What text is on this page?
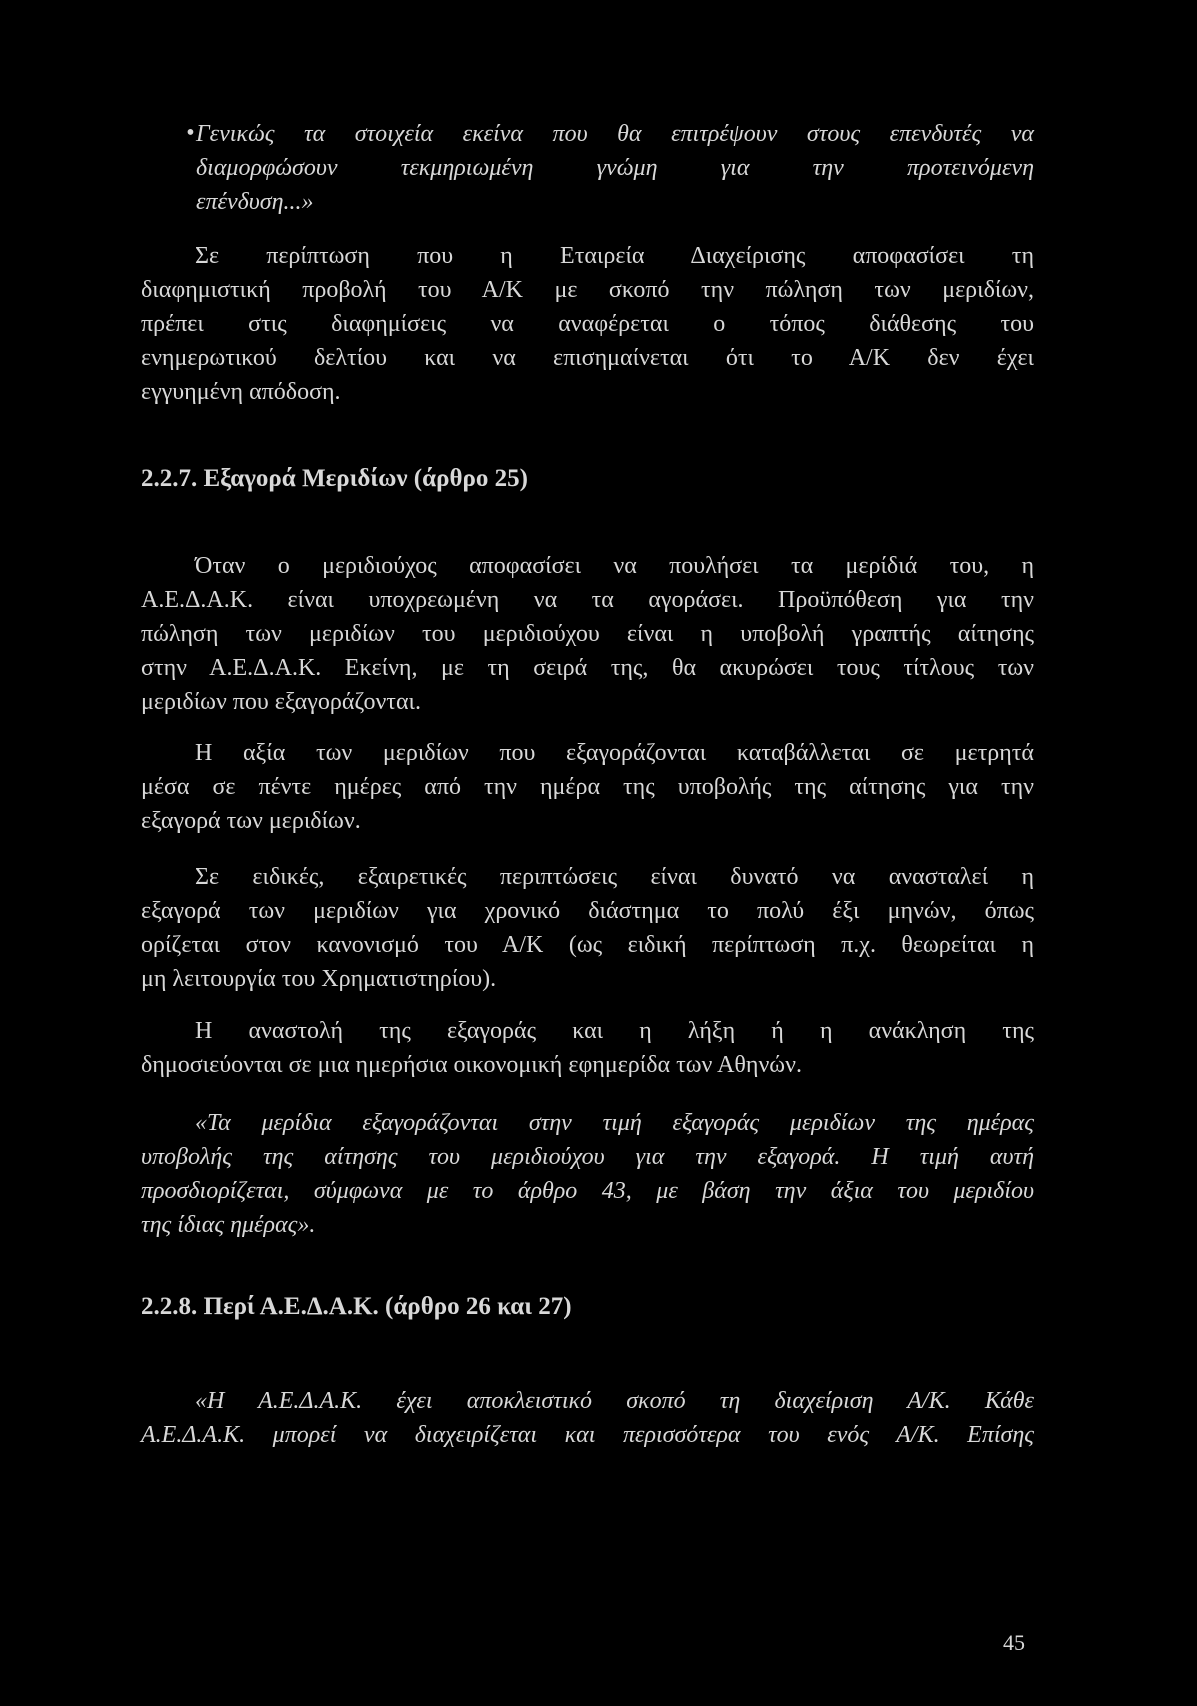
• Γενικώς τα στοιχεία εκείνα που θα επιτρέψουν στους επενδυτές να
διαμορφώσουν τεκμηριωμένη γνώμη για την προτεινόμενη
επένδυση...»
Σε περίπτωση που η Εταιρεία Διαχείρισης αποφασίσει τη
διαφημιστική προβολή του Α/Κ με σκοπό την πώληση των μεριδίων,
πρέπει στις διαφημίσεις να αναφέρεται ο τόπος διάθεσης του
ενημερωτικού δελτίου και να επισημαίνεται ότι το Α/Κ δεν έχει
εγγυημένη απόδοση.
2.2.7. Εξαγορά Μεριδίων (άρθρο 25)
Όταν ο μεριδιούχος αποφασίσει να πουλήσει τα μερίδιά του, η
Α.Ε.Δ.Α.Κ. είναι υποχρεωμένη να τα αγοράσει. Προϋπόθεση για την
πώληση των μεριδίων του μεριδιούχου είναι η υποβολή γραπτής αίτησης
στην Α.Ε.Δ.Α.Κ. Εκείνη, με τη σειρά της, θα ακυρώσει τους τίτλους των
μεριδίων που εξαγοράζονται.
Η αξία των μεριδίων που εξαγοράζονται καταβάλλεται σε μετρητά
μέσα σε πέντε ημέρες από την ημέρα της υποβολής της αίτησης για την
εξαγορά των μεριδίων.
Σε ειδικές, εξαιρετικές περιπτώσεις είναι δυνατό να ανασταλεί η
εξαγορά των μεριδίων για χρονικό διάστημα το πολύ έξι μηνών, όπως
ορίζεται στον κανονισμό του Α/Κ (ως ειδική περίπτωση π.χ. θεωρείται η
μη λειτουργία του Χρηματιστηρίου).
Η αναστολή της εξαγοράς και η λήξη ή η ανάκληση της
δημοσιεύονται σε μια ημερήσια οικονομική εφημερίδα των Αθηνών.
«Τα μερίδια εξαγοράζονται στην τιμή εξαγοράς μεριδίων της ημέρας
υποβολής της αίτησης του μεριδιούχου για την εξαγορά. Η τιμή αυτή
προσδιορίζεται, σύμφωνα με το άρθρο 43, με βάση την άξια του μεριδίου
της ίδιας ημέρας».
2.2.8. Περί Α.Ε.Δ.Α.Κ. (άρθρο 26 και 27)
«Η Α.Ε.Δ.Α.Κ. έχει αποκλειστικό σκοπό τη διαχείριση Α/Κ. Κάθε
Α.Ε.Δ.Α.Κ. μπορεί να διαχειρίζεται και περισσότερα του ενός Α/Κ. Επίσης
45
